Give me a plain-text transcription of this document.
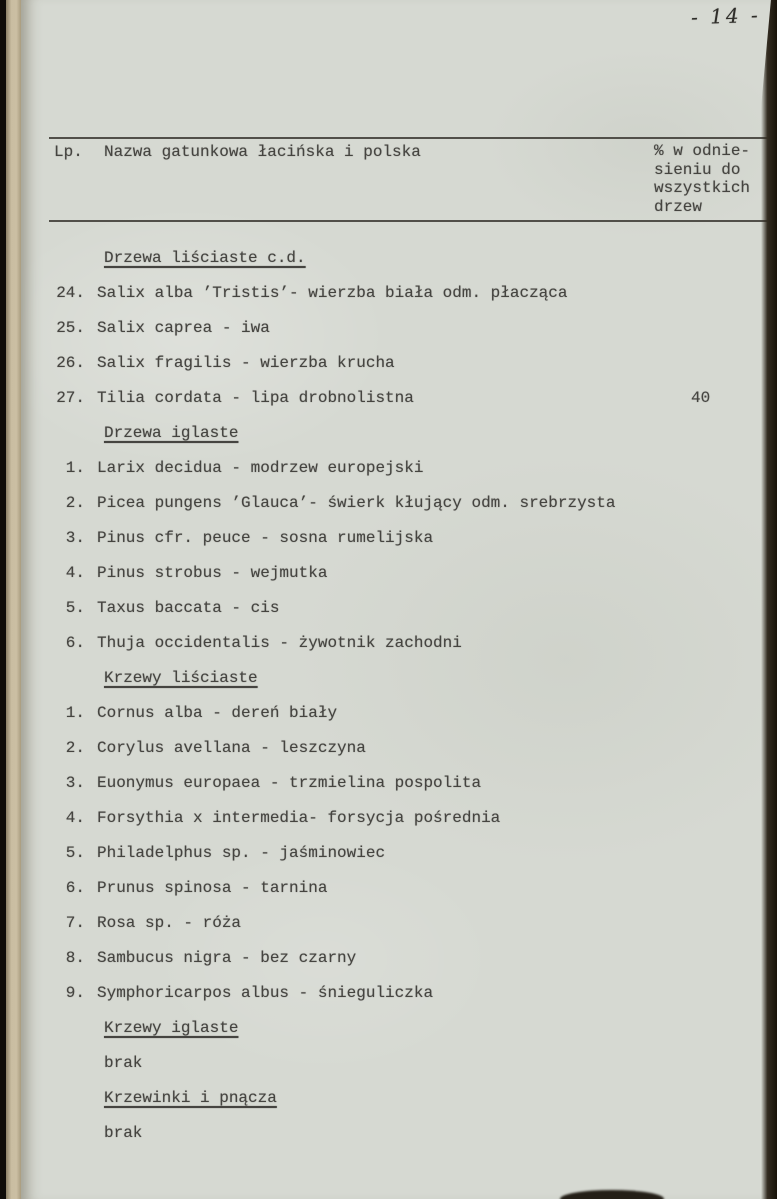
- 14 -
Lp. Nazwa gatunkowa łacińska i polska	% w odnie-
sieniu do
wszystkich
drzew
Drzewa liściaste c.d.
24. Salix alba ’Tristis’- wierzba biała odm. płacząca
25. Salix caprea - iwa
26. Salix fragilis - wierzba krucha
27. Tilia cordata - lipa drobnolistna	40
Drzewa iglaste
1. Larix decidua - modrzew europejski
2. Picea pungens ’Glauca’- świerk kłujący odm. srebrzysta
3. Pinus cfr. peuce - sosna rumelijska
4. Pinus strobus - wejmutka
5. Taxus baccata - cis
6. Thuja occidentalis - żywotnik zachodni
Krzewy liściaste
1. Cornus alba - dereń biały
2. Corylus avellana - leszczyna
3. Euonymus europaea - trzmielina pospolita
4. Forsythia x intermedia- forsycja pośrednia
5. Philadelphus sp. - jaśminowiec
6. Prunus spinosa - tarnina
7. Rosa sp. - róża
8. Sambucus nigra - bez czarny
9. Symphoricarpos albus - śnieguliczka
Krzewy iglaste
brak
Krzewinki i pnącza
brak
